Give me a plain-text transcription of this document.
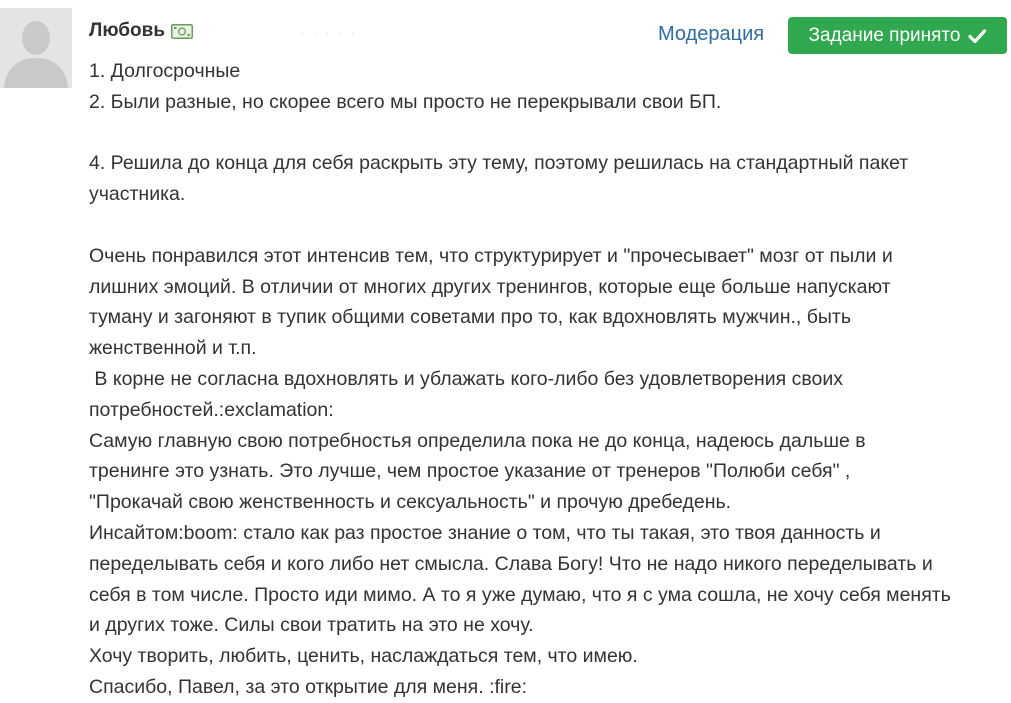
Любовь	· · · · ·	Модерация Задание принято
1. Долгосрочные
2. Были разные, но скорее всего мы просто не перекрывали свои БП.
4. Решила до конца для себя раскрыть эту тему, поэтому решилась на стандартный пакет
участника.
Очень понравился этот интенсив тем, что структурирует и "прочесывает" мозг от пыли и
лишних эмоций. В отличии от многих других тренингов, которые еще больше напускают
туману и загоняют в тупик общими советами про то, как вдохновлять мужчин., быть
женственной и т.п.
В корне не согласна вдохновлять и ублажать кого-либо без удовлетворения своих
потребностей.:exclamation:
Самую главную свою потребностья определила пока не до конца, надеюсь дальше в
тренинге это узнать. Это лучше, чем простое указание от тренеров "Полюби себя" ,
"Прокачай свою женственность и сексуальность" и прочую дребедень.
Инсайтом:boom: стало как раз простое знание о том, что ты такая, это твоя данность и
переделывать себя и кого либо нет смысла. Слава Богу! Что не надо никого переделывать и
себя в том числе. Просто иди мимо. А то я уже думаю, что я с ума сошла, не хочу себя менять
и других тоже. Силы свои тратить на это не хочу.
Хочу творить, любить, ценить, наслаждаться тем, что имею.
Спасибо, Павел, за это открытие для меня. :fire:
